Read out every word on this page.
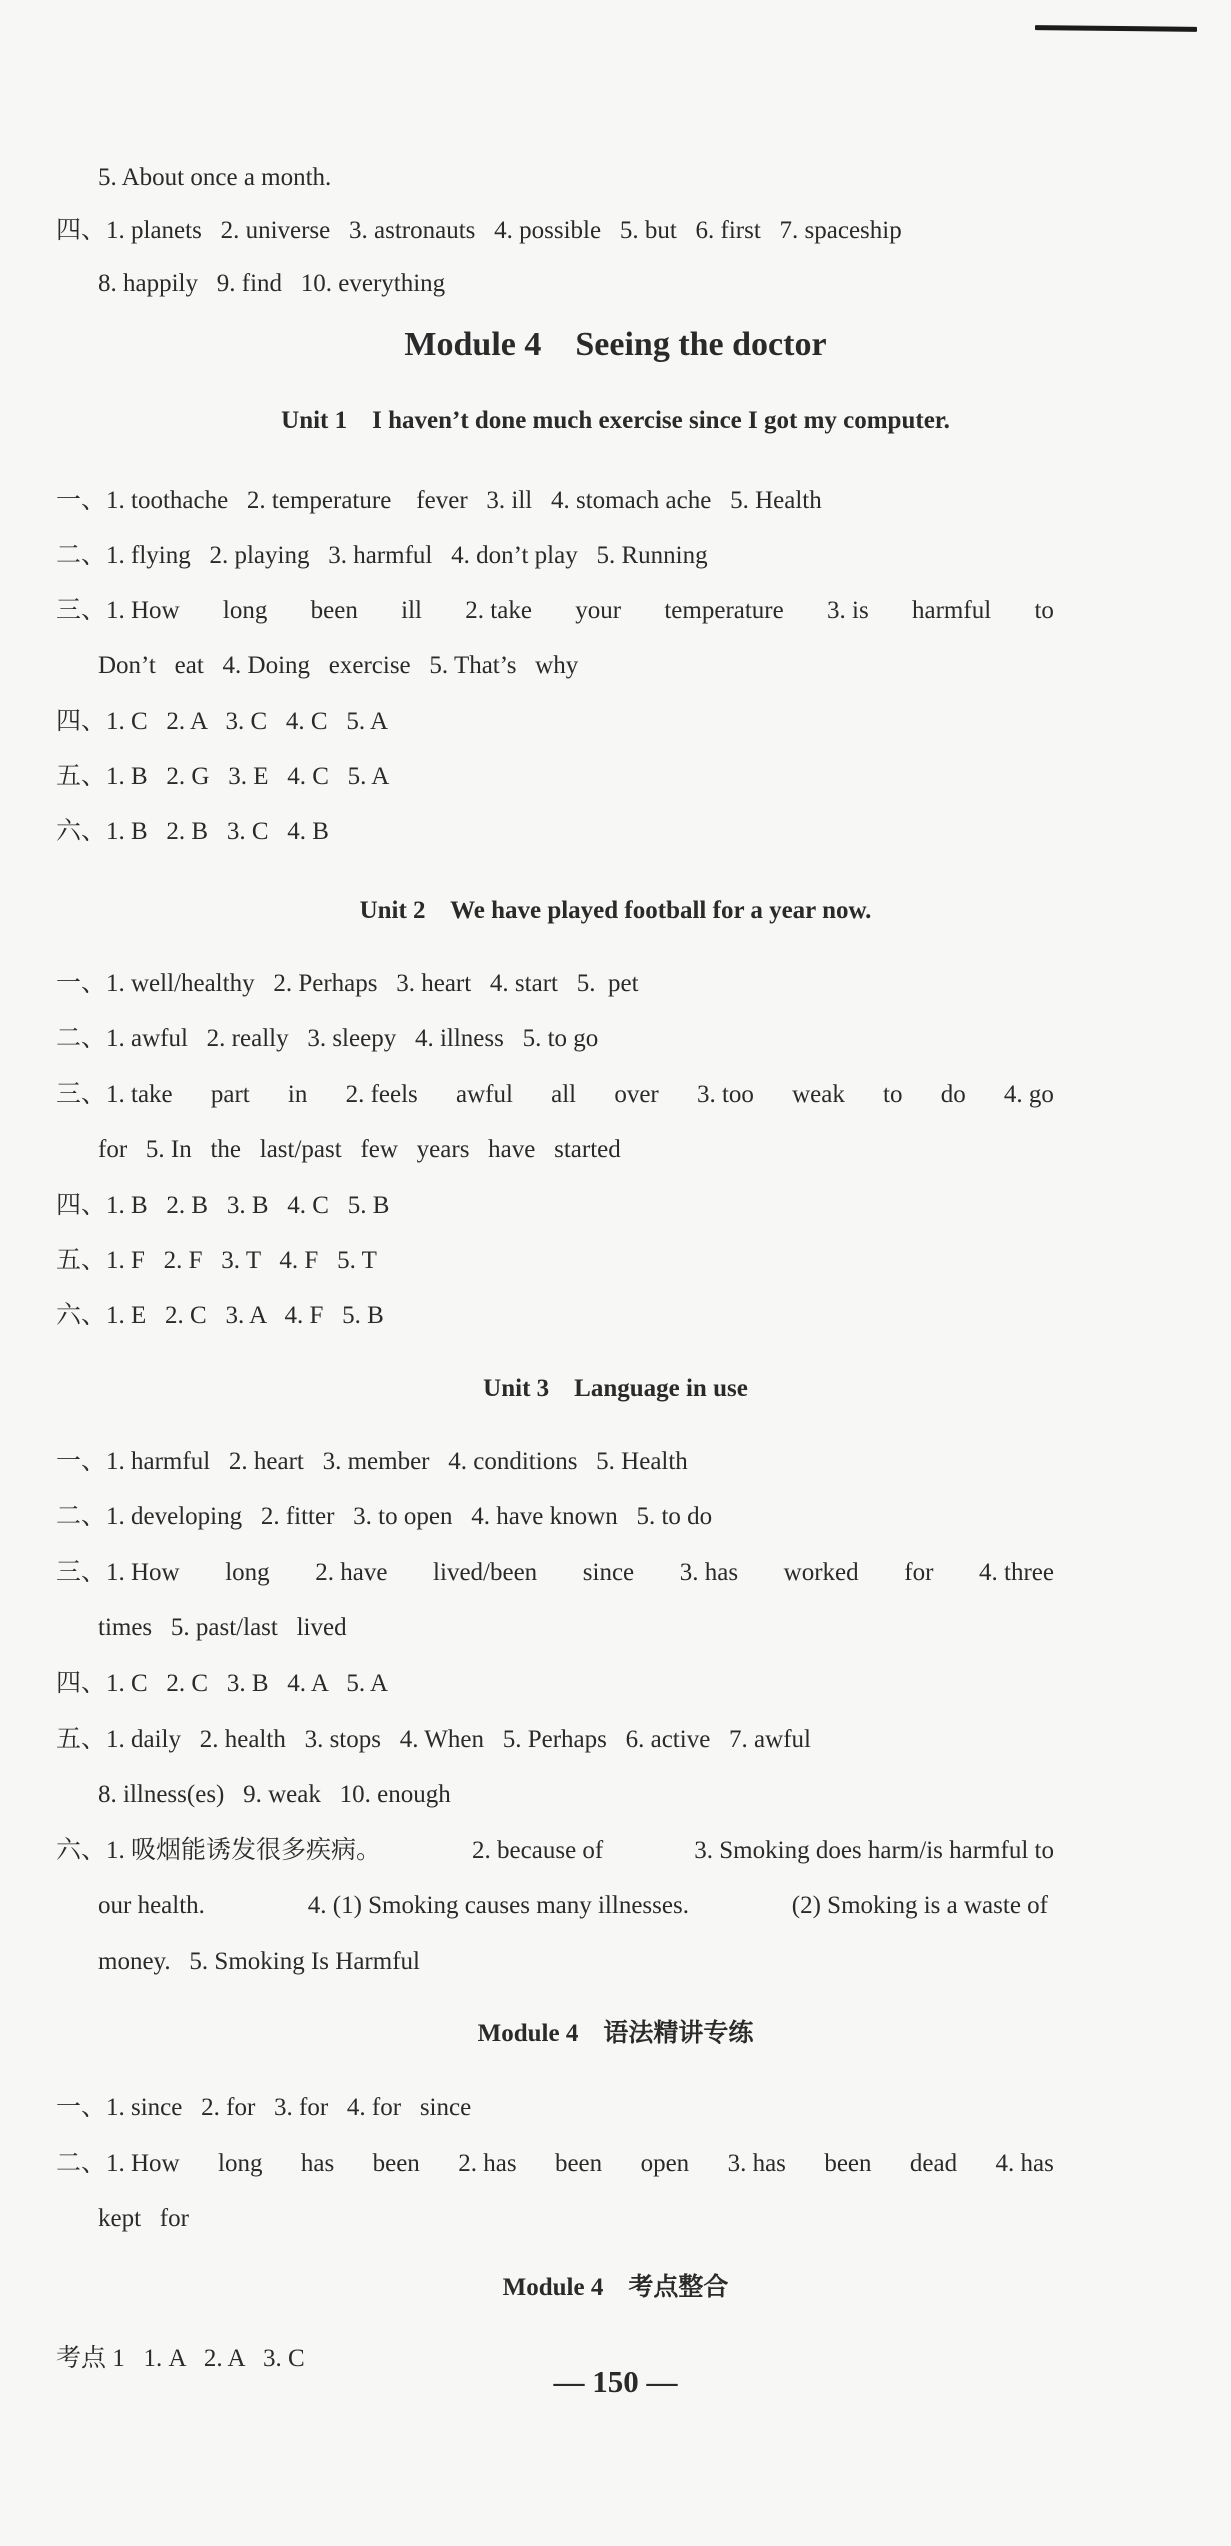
5. About once a month.
四、1. planets   2. universe   3. astronauts   4. possible   5. but   6. first   7. spaceship
8. happily   9. find   10. everything
Module 4    Seeing the doctor
Unit 1    I haven’t done much exercise since I got my computer.
一、1. toothache   2. temperature    fever   3. ill   4. stomach ache   5. Health
二、1. flying   2. playing   3. harmful   4. don’t play   5. Running
三、1. How long been ill 2. take your temperature 3. is harmful to
Don’t   eat   4. Doing   exercise   5. That’s   why
四、1. C   2. A   3. C   4. C   5. A
五、1. B   2. G   3. E   4. C   5. A
六、1. B   2. B   3. C   4. B
Unit 2    We have played football for a year now.
一、1. well/healthy   2. Perhaps   3. heart   4. start   5.  pet
二、1. awful   2. really   3. sleepy   4. illness   5. to go
三、1. take part in 2. feels awful all over 3. too weak to do 4. go
for   5. In   the   last/past   few   years   have   started
四、1. B   2. B   3. B   4. C   5. B
五、1. F   2. F   3. T   4. F   5. T
六、1. E   2. C   3. A   4. F   5. B
Unit 3    Language in use
一、1. harmful   2. heart   3. member   4. conditions   5. Health
二、1. developing   2. fitter   3. to open   4. have known   5. to do
三、1. How long 2. have lived/been since 3. has worked for 4. three
times   5. past/last   lived
四、1. C   2. C   3. B   4. A   5. A
五、1. daily   2. health   3. stops   4. When   5. Perhaps   6. active   7. awful
8. illness(es)   9. weak   10. enough
六、1. 吸烟能诱发很多疾病。	2. because of	3. Smoking does harm/is harmful to
our health.	4. (1) Smoking causes many illnesses.	(2) Smoking is a waste of
money.   5. Smoking Is Harmful
Module 4    语法精讲专练
一、1. since   2. for   3. for   4. for   since
二、1. How long has been 2. has been open 3. has been dead 4. has
kept   for
Module 4    考点整合
考点 1   1. A   2. A   3. C
— 150 —
